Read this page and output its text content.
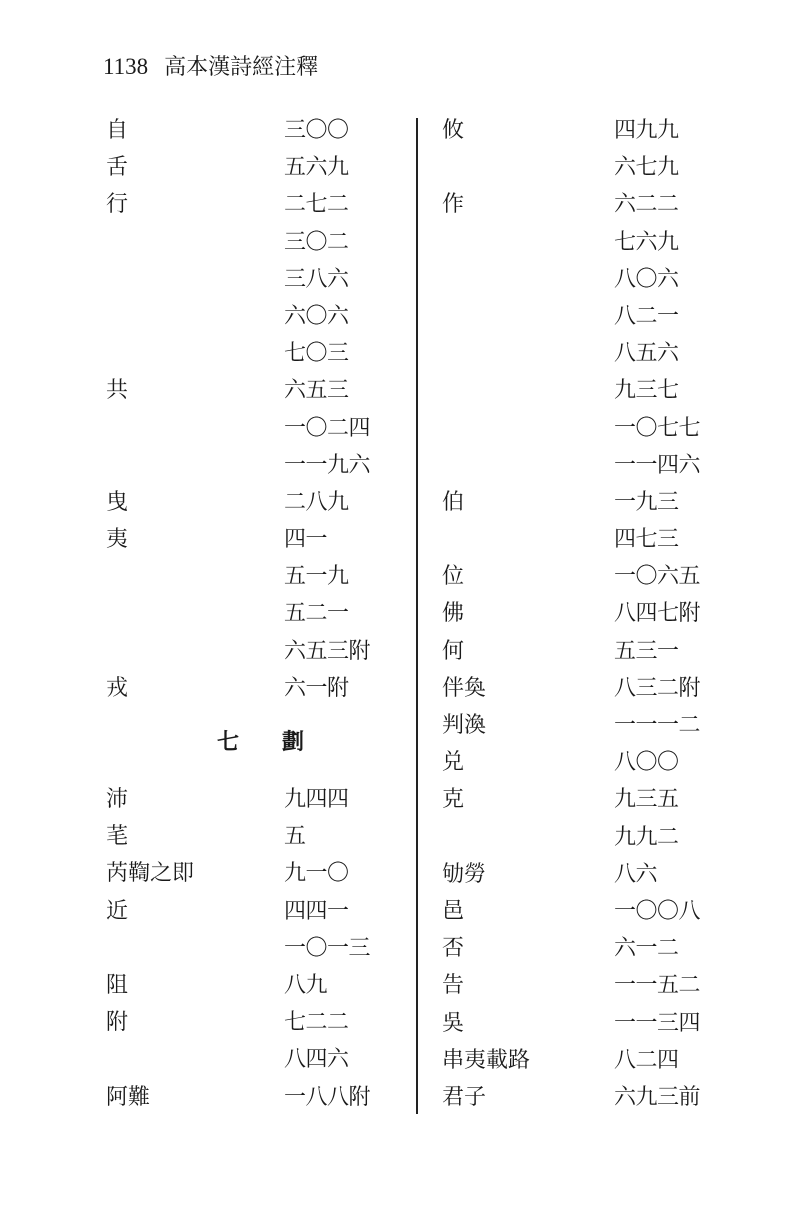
1138 高本漢詩經注釋
自	三〇〇
舌	五六九
行	二七二
三〇二
三八六
六〇六
七〇三
共	六五三
一〇二四
一一九六
曳	二八九
夷	四一
五一九
五二一
六五三附
戎	六一附
七 劃
沛	九四四
芼	五
芮鞫之即	九一〇
近	四四一
一〇一三
阻	八九
附	七二二
八四六
阿難	一八八附
攸	四九九
六七九
作	六二二
七六九
八〇六
八二一
八五六
九三七
一〇七七
一一四六
伯	一九三
四七三
位	一〇六五
佛	八四七附
何	五三一
伴奐	八三二附
判渙	一一一二
兑	八〇〇
克	九三五
九九二
劬勞	八六
邑	一〇〇八
否	六一二
告	一一五二
吳	一一三四
串夷載路	八二四
君子	六九三前
